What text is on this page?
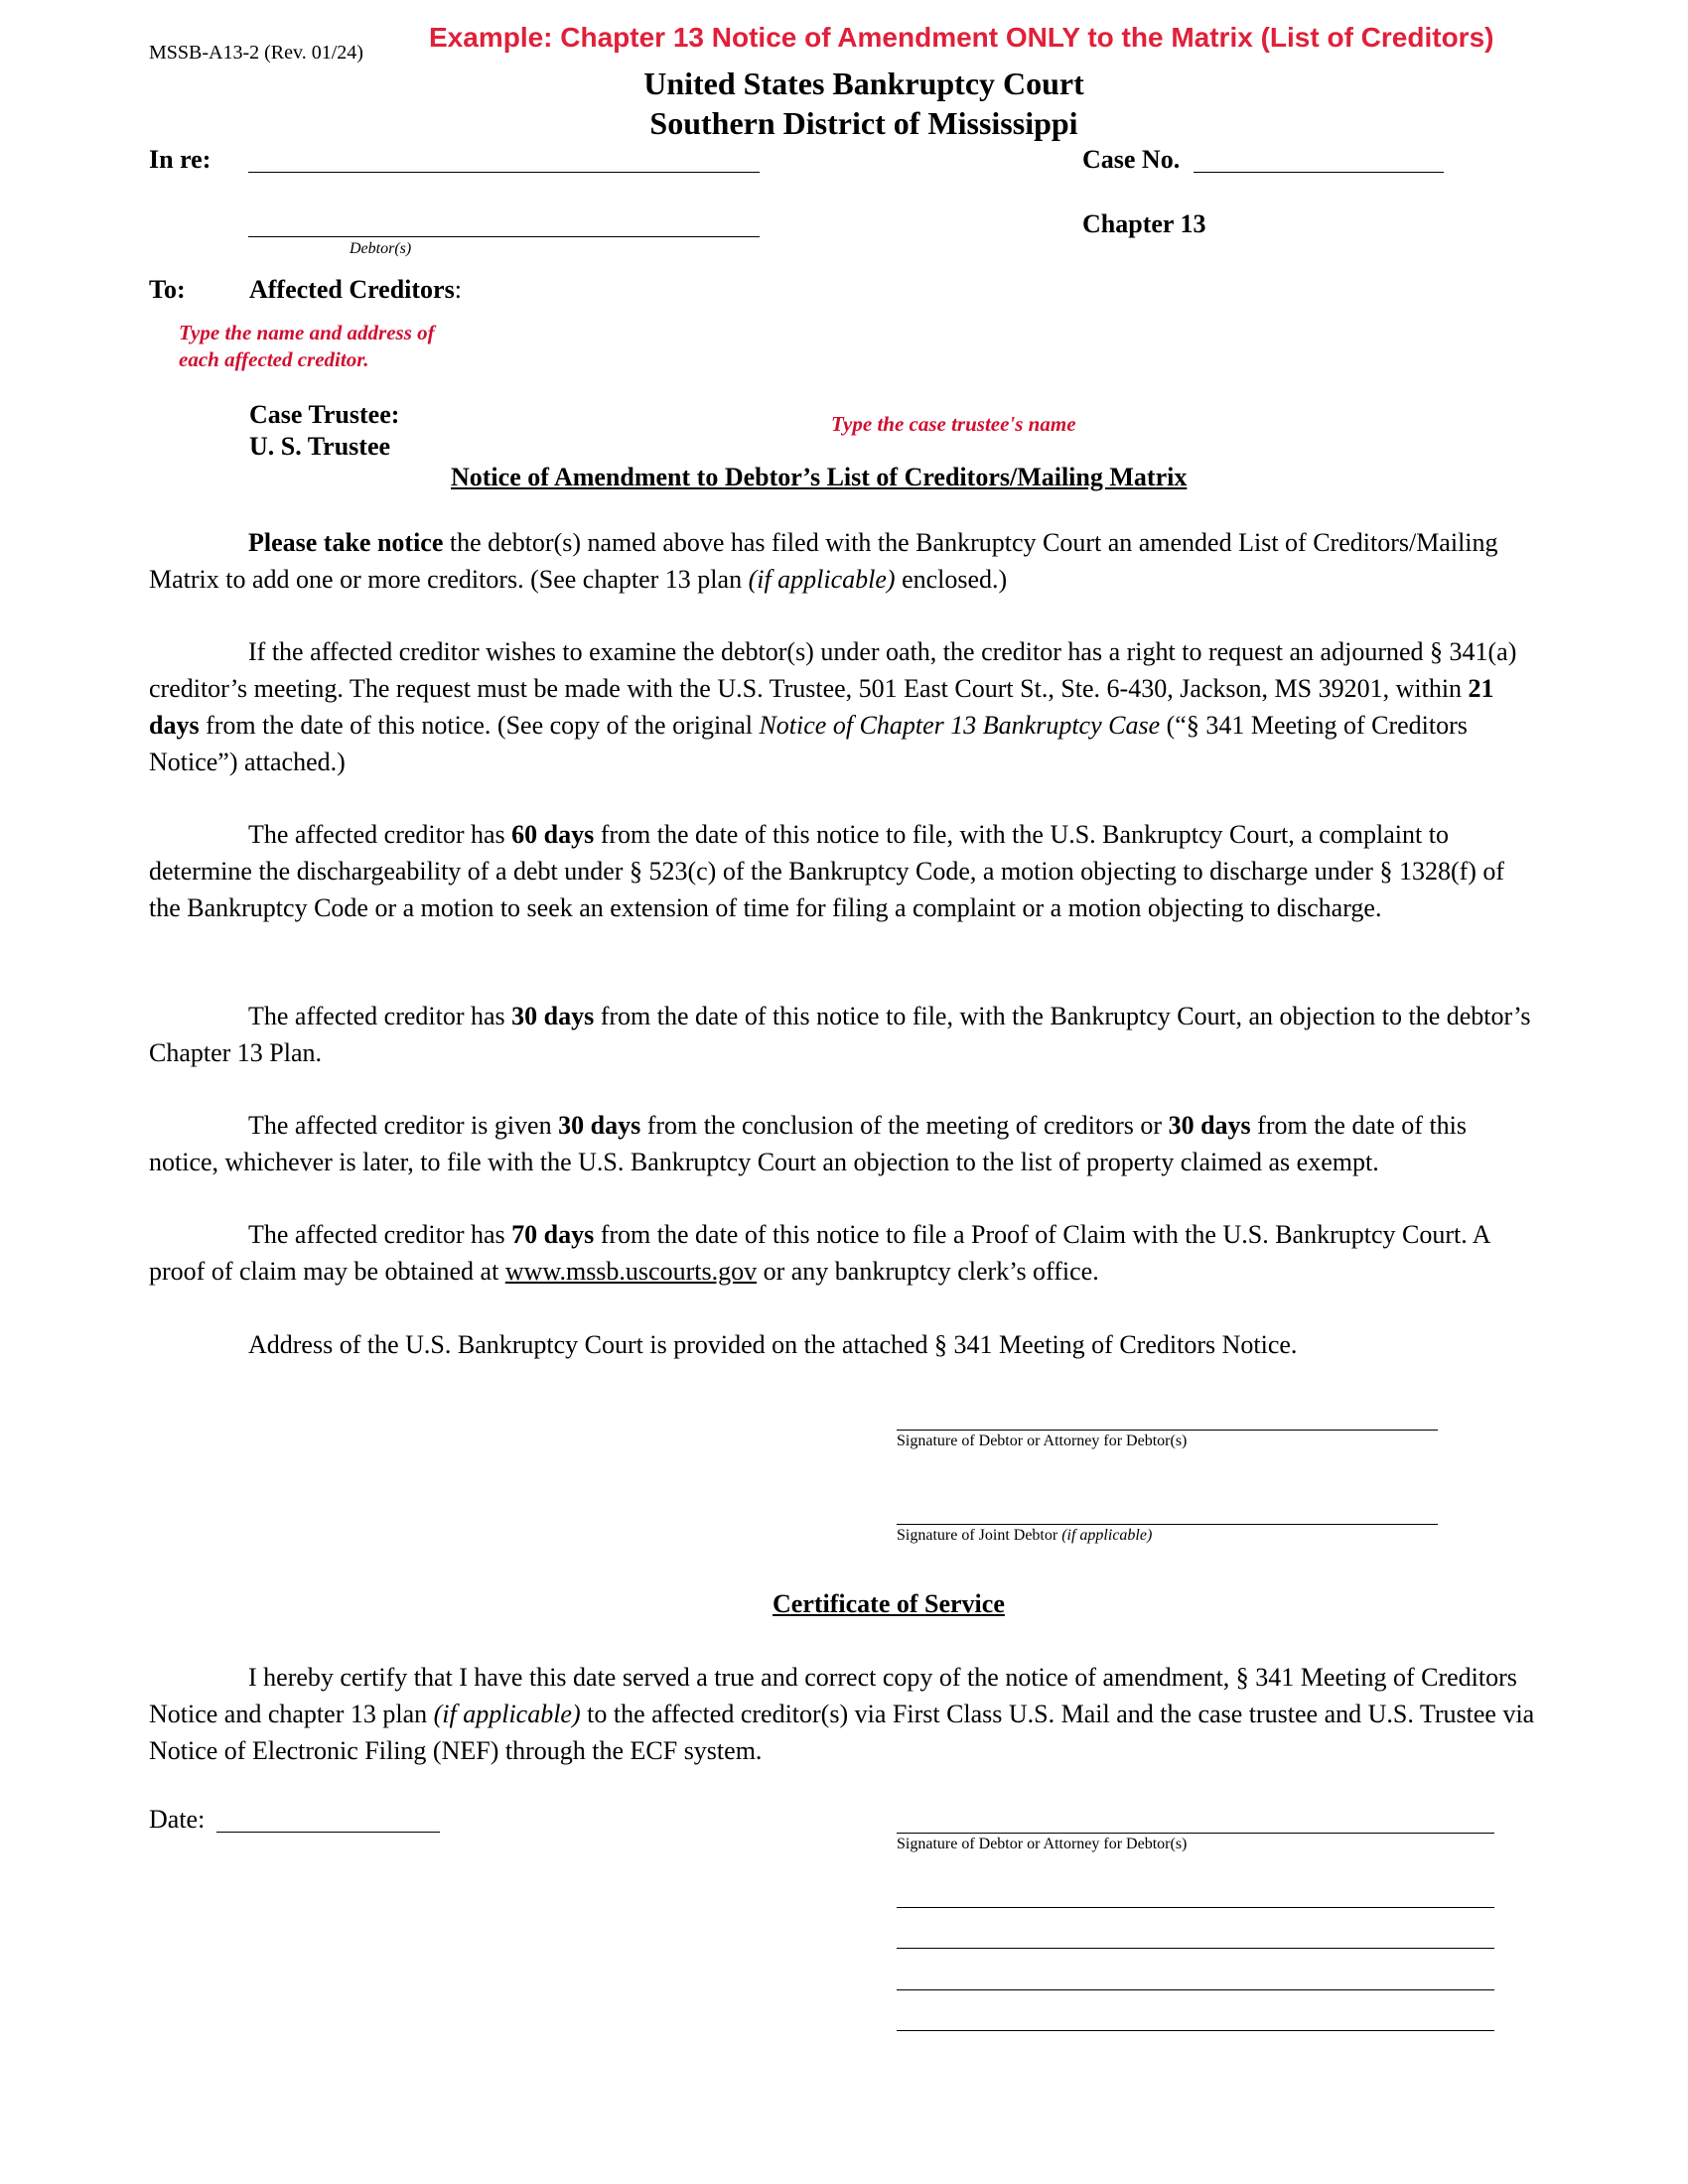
MSSB-A13-2 (Rev. 01/24) Example: Chapter 13 Notice of Amendment ONLY to the Matrix (List of Creditors)
United States Bankruptcy Court
Southern District of Mississippi
In re:
Debtor(s)
Case No.
Chapter 13
To: Affected Creditors:
Type the name and address of
each affected creditor.
Case Trustee:	Type the case trustee's name
U. S. Trustee
Notice of Amendment to Debtor’s List of Creditors/Mailing Matrix
Please take notice the debtor(s) named above has filed with the Bankruptcy Court an amended List of Creditors/Mailing Matrix to add one or more creditors. (See chapter 13 plan (if applicable) enclosed.)
If the affected creditor wishes to examine the debtor(s) under oath, the creditor has a right to request an adjourned § 341(a) creditor’s meeting. The request must be made with the U.S. Trustee, 501 East Court St., Ste. 6-430, Jackson, MS 39201, within 21 days from the date of this notice. (See copy of the original Notice of Chapter 13 Bankruptcy Case (“§ 341 Meeting of Creditors Notice”) attached.)
The affected creditor has 60 days from the date of this notice to file, with the U.S. Bankruptcy Court, a complaint to determine the dischargeability of a debt under § 523(c) of the Bankruptcy Code, a motion objecting to discharge under § 1328(f) of the Bankruptcy Code or a motion to seek an extension of time for filing a complaint or a motion objecting to discharge.
The affected creditor has 30 days from the date of this notice to file, with the Bankruptcy Court, an objection to the debtor’s Chapter 13 Plan.
The affected creditor is given 30 days from the conclusion of the meeting of creditors or 30 days from the date of this notice, whichever is later, to file with the U.S. Bankruptcy Court an objection to the list of property claimed as exempt.
The affected creditor has 70 days from the date of this notice to file a Proof of Claim with the U.S. Bankruptcy Court. A proof of claim may be obtained at www.mssb.uscourts.gov or any bankruptcy clerk’s office.
Address of the U.S. Bankruptcy Court is provided on the attached § 341 Meeting of Creditors Notice.
Signature of Debtor or Attorney for Debtor(s)
Signature of Joint Debtor (if applicable)
Certificate of Service
I hereby certify that I have this date served a true and correct copy of the notice of amendment, § 341 Meeting of Creditors Notice and chapter 13 plan (if applicable) to the affected creditor(s) via First Class U.S. Mail and the case trustee and U.S. Trustee via Notice of Electronic Filing (NEF) through the ECF system.
Date:
Signature of Debtor or Attorney for Debtor(s)
